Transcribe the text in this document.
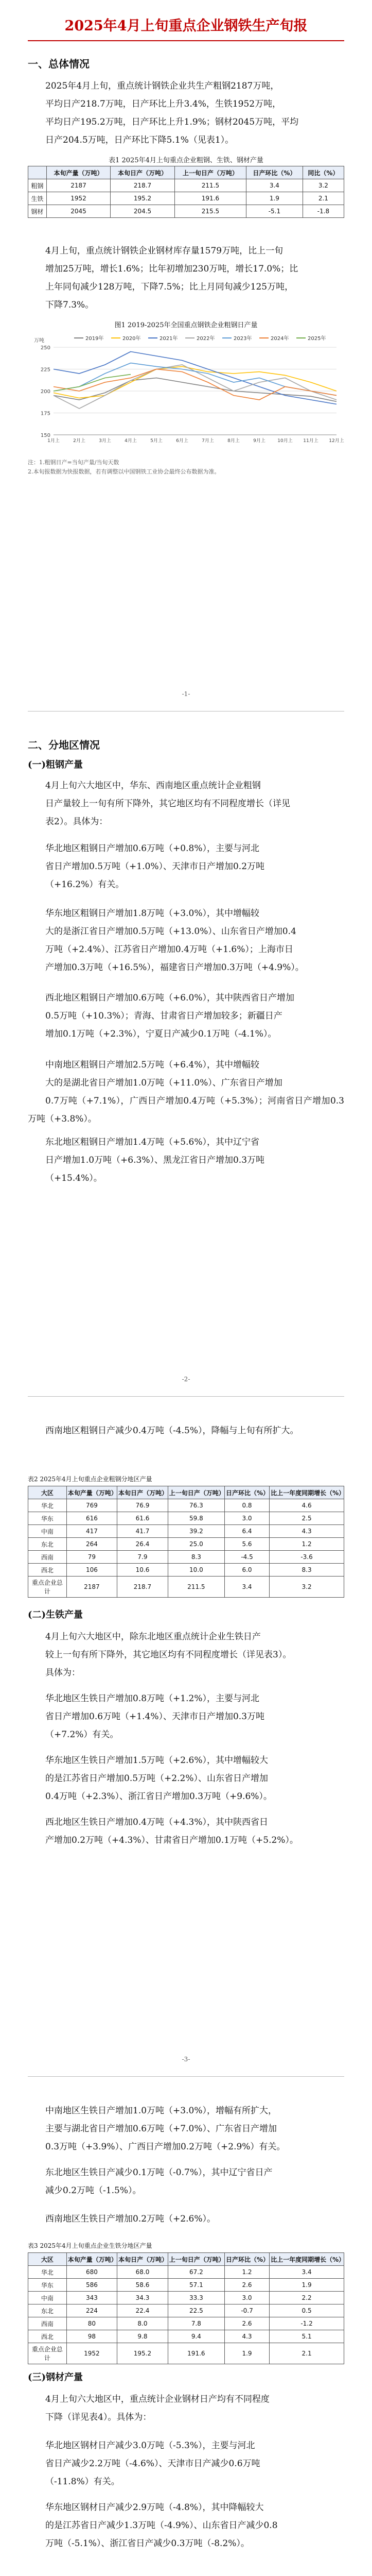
2025年4月上旬重点企业钢铁生产旬报
一、总体情况
2025年4月上旬，重点统计钢铁企业共生产粗钢2187万吨，
平均日产218.7万吨，日产环比上升3.4%，生铁1952万吨，
平均日产195.2万吨，日产环比上升1.9%；钢材2045万吨，平均
日产204.5万吨，日产环比下降5.1%（见表1）。
表1 2025年4月上旬重点企业粗钢、生铁、钢材产量
	本旬产量（万吨）	本旬日产（万吨）	上一旬日产（万吨）	日产环比（%）	同比（%）
粗钢	2187	218.7	211.5	3.4	3.2
生铁	1952	195.2	191.6	1.9	2.1
钢材	2045	204.5	215.5	-5.1	-1.8
4月上旬，重点统计钢铁企业钢材库存量1579万吨，比上一旬
增加25万吨，增长1.6%；比年初增加230万吨，增长17.0%；比
上年同旬减少128万吨，下降7.5%；比上月同旬减少125万吨，
下降7.3%。
图1 2019-2025年全国重点钢铁企业粗钢日产量
150
175
200
225
250
1月上	2月上	3月上	4月上	5月上	6月上	7月上	8月上	9月上	10月上 11月上 12月上
万吨	2019年	2020年	2021年	2022年	2023年	2024年	2025年
注：1.粗钢日产=当旬产量/当旬天数
2.本旬报数据为快报数据，若有调整以中国钢铁工业协会最终公布数据为准。
-1-
二、分地区情况
(一)粗钢产量
4月上旬六大地区中，华东、西南地区重点统计企业粗钢
日产量较上一旬有所下降外，其它地区均有不同程度增长（详见
表2）。具体为：
华北地区粗钢日产增加0.6万吨（+0.8%），主要与河北
省日产增加0.5万吨（+1.0%）、天津市日产增加0.2万吨
（+16.2%）有关。
华东地区粗钢日产增加1.8万吨（+3.0%），其中增幅较
大的是浙江省日产增加0.5万吨（+13.0%）、山东省日产增加0.4
万吨（+2.4%）、江苏省日产增加0.4万吨（+1.6%）；上海市日
产增加0.3万吨（+16.5%），福建省日产增加0.3万吨（+4.9%）。
西北地区粗钢日产增加0.6万吨（+6.0%），其中陕西省日产增加
0.5万吨（+10.3%）；青海、甘肃省日产增加较多；新疆日产
增加0.1万吨（+2.3%），宁夏日产减少0.1万吨（-4.1%）。
中南地区粗钢日产增加2.5万吨（+6.4%），其中增幅较
大的是湖北省日产增加1.0万吨（+11.0%）、广东省日产增加
0.7万吨（+7.1%），广西日产增加0.4万吨（+5.3%）；河南省日产增加0.3万吨（+3.8%）。
东北地区粗钢日产增加1.4万吨（+5.6%），其中辽宁省
日产增加1.0万吨（+6.3%）、黑龙江省日产增加0.3万吨
（+15.4%）。
-2-
西南地区粗钢日产减少0.4万吨（-4.5%），降幅与上旬有所扩大。
表2 2025年4月上旬重点企业粗钢分地区产量
大区	本旬产量（万吨）	本旬日产（万吨）	上一旬日产（万吨）	日产环比（%）	比上一年度同期增长（%）
华北	769	76.9	76.3	0.8	4.6
华东	616	61.6	59.8	3.0	2.5
中南	417	41.7	39.2	6.4	4.3
东北	264	26.4	25.0	5.6	1.2
西南	79	7.9	8.3	-4.5	-3.6
西北	106	10.6	10.0	6.0	8.3
重点企业总计	2187	218.7	211.5	3.4	3.2
(二)生铁产量
4月上旬六大地区中，除东北地区重点统计企业生铁日产
较上一旬有所下降外，其它地区均有不同程度增长（详见表3）。
具体为：
华北地区生铁日产增加0.8万吨（+1.2%），主要与河北
省日产增加0.6万吨（+1.4%）、天津市日产增加0.3万吨
（+7.2%）有关。
华东地区生铁日产增加1.5万吨（+2.6%），其中增幅较大
的是江苏省日产增加0.5万吨（+2.2%）、山东省日产增加
0.4万吨（+2.3%）、浙江省日产增加0.3万吨（+9.6%）。
西北地区生铁日产增加0.4万吨（+4.3%），其中陕西省日
产增加0.2万吨（+4.3%）、甘肃省日产增加0.1万吨（+5.2%）。
-3-
中南地区生铁日产增加1.0万吨（+3.0%），增幅有所扩大，
主要与湖北省日产增加0.6万吨（+7.0%）、广东省日产增加
0.3万吨（+3.9%）、广西日产增加0.2万吨（+2.9%）有关。
东北地区生铁日产减少0.1万吨（-0.7%），其中辽宁省日产
减少0.2万吨（-1.5%）。
西南地区生铁日产增加0.2万吨（+2.6%）。
表3 2025年4月上旬重点企业生铁分地区产量
大区	本旬产量（万吨）	本旬日产（万吨）	上一旬日产（万吨）	日产环比（%）	比上一年度同期增长（%）
华北	680	68.0	67.2	1.2	3.4
华东	586	58.6	57.1	2.6	1.9
中南	343	34.3	33.3	3.0	2.2
东北	224	22.4	22.5	-0.7	0.5
西南	80	8.0	7.8	2.6	-1.2
西北	98	9.8	9.4	4.3	5.1
重点企业总计	1952	195.2	191.6	1.9	2.1
(三)钢材产量
4月上旬六大地区中，重点统计企业钢材日产均有不同程度
下降（详见表4）。具体为：
华北地区钢材日产减少3.0万吨（-5.3%），主要与河北
省日产减少2.2万吨（-4.6%）、天津市日产减少0.6万吨
（-11.8%）有关。
华东地区钢材日产减少2.9万吨（-4.8%），其中降幅较大
的是江苏省日产减少1.3万吨（-4.9%）、山东省日产减少0.8
万吨（-5.1%）、浙江省日产减少0.3万吨（-8.2%）。
